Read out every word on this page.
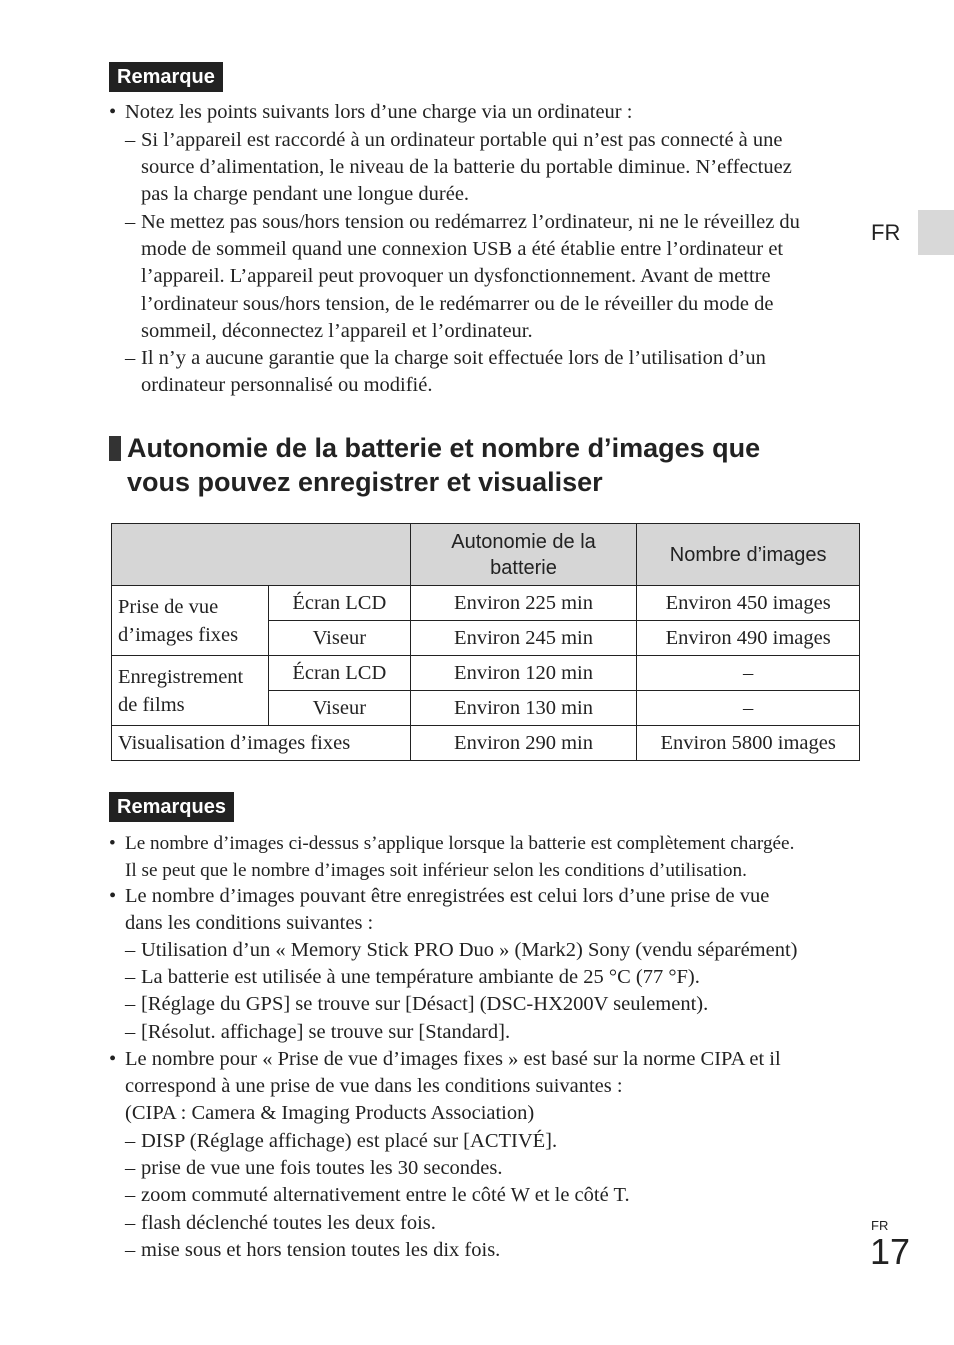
Remarque
• Notez les points suivants lors d’une charge via un ordinateur :
– Si l’appareil est raccordé à un ordinateur portable qui n’est pas connecté à une
source d’alimentation, le niveau de la batterie du portable diminue. N’effectuez
pas la charge pendant une longue durée.
– Ne mettez pas sous/hors tension ou redémarrez l’ordinateur, ni ne le réveillez du
mode de sommeil quand une connexion USB a été établie entre l’ordinateur et
l’appareil. L’appareil peut provoquer un dysfonctionnement. Avant de mettre
l’ordinateur sous/hors tension, de le redémarrer ou de le réveiller du mode de
sommeil, déconnectez l’appareil et l’ordinateur.
– Il n’y a aucune garantie que la charge soit effectuée lors de l’utilisation d’un
ordinateur personnalisé ou modifié.
FR
Autonomie de la batterie et nombre d’images que
vous pouvez enregistrer et visualiser

		Autonomie de la
batterie	Nombre d’images

Prise de vue
d’images fixes	Écran LCD	Environ 225 min	Environ 450 images
	Viseur	Environ 245 min	Environ 490 images

Enregistrement
de films	Écran LCD	Environ 120 min	–
	Viseur	Environ 130 min	–
Visualisation d’images fixes		Environ 290 min	Environ 5800 images
Remarques
• Le nombre d’images ci-dessus s’applique lorsque la batterie est complètement chargée.
Il se peut que le nombre d’images soit inférieur selon les conditions d’utilisation.
• Le nombre d’images pouvant être enregistrées est celui lors d’une prise de vue
dans les conditions suivantes :
– Utilisation d’un « Memory Stick PRO Duo » (Mark2) Sony (vendu séparément)
– La batterie est utilisée à une température ambiante de 25 °C (77 °F).
– [Réglage du GPS] se trouve sur [Désact] (DSC-HX200V seulement).
– [Résolut. affichage] se trouve sur [Standard].
• Le nombre pour « Prise de vue d’images fixes » est basé sur la norme CIPA et il
correspond à une prise de vue dans les conditions suivantes :
(CIPA : Camera & Imaging Products Association)
– DISP (Réglage affichage) est placé sur [ACTIVÉ].
– prise de vue une fois toutes les 30 secondes.
– zoom commuté alternativement entre le côté W et le côté T.
– flash déclenché toutes les deux fois.
– mise sous et hors tension toutes les dix fois.
FR
17
